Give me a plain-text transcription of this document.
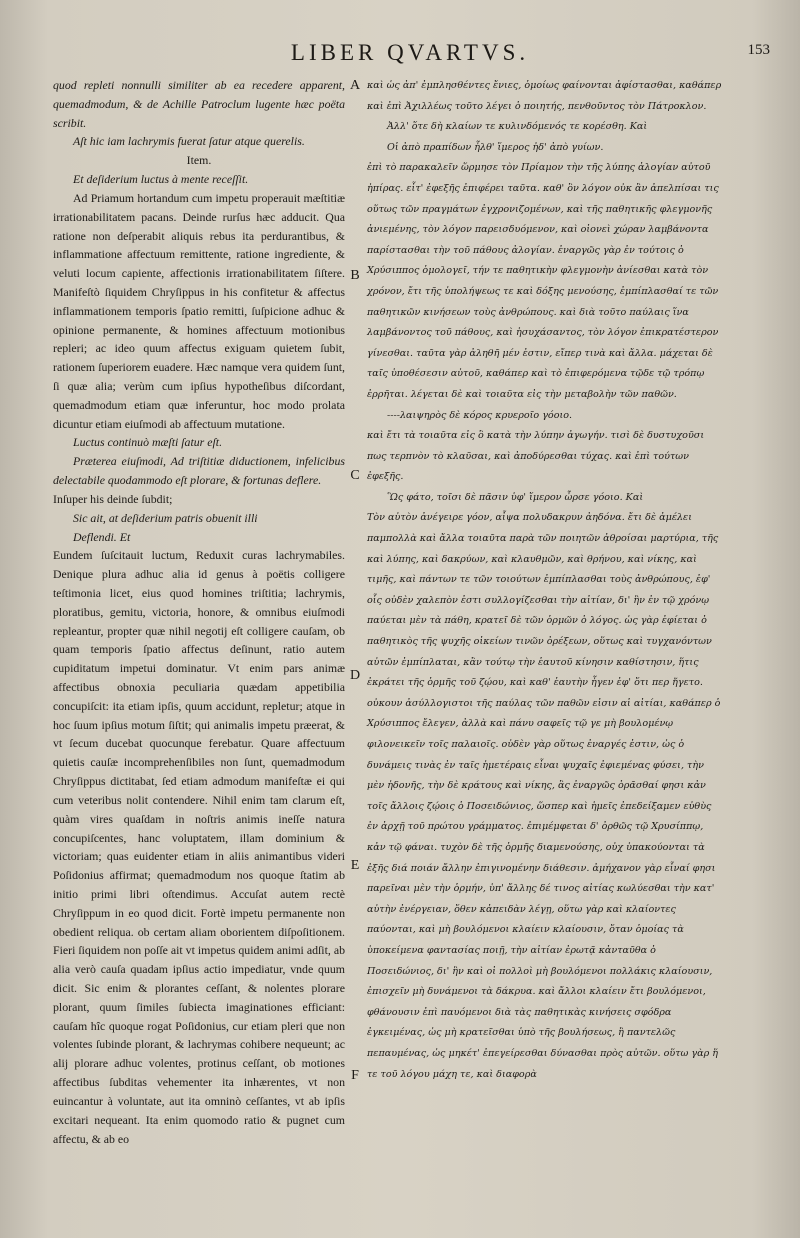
LIBER QVARTVS.	153

quod repleti nonnulli similiter ab ea recedere apparent, quemadmodum, & de Achille Patroclum lugente hæc poëta scribit.

Aſt hic iam lachrymis fuerat ſatur atque querelis.

Item.

Et deſiderium luctus à mente receſſit.

Ad Priamum hortandum cum impetu properauit mæſtitiæ irrationabilitatem pacans. Deinde rurſus hæc adducit. Qua ratione non deſperabit aliquis rebus ita perdurantibus, & inflammatione affectuum remittente, ratione ingrediente, & veluti locum capiente, affectionis irrationabilitatem ſiſtere. Manifeſtò ſiquidem Chryſippus in his confitetur & affectus inflammationem temporis ſpatio remitti, ſuſpicione adhuc & opinione permanente, & homines affectuum motionibus repleri; ac ideo quum affectus exiguam quietem ſubit, rationem ſuperiorem euadere. Hæc namque vera quidem ſunt, ſi quæ alia; verùm cum ipſius hypotheſibus diſcordant, quemadmodum etiam quæ inferuntur, hoc modo prolata dicuntur etiam eiuſmodi ab affectuum mutatione.

Luctus continuò mæſti ſatur eſt.

Præterea eiuſmodi, Ad triſtitiæ diductionem, infelicibus delectabile quodammodo eſt plorare, & fortunas deflere.

Inſuper his deinde ſubdit;

Sic ait, at deſiderium patris obuenit illi

Deflendi. Et

Eundem ſuſcitauit luctum, Reduxit curas lachrymabiles. Denique plura adhuc alia id genus à poëtis colligere teſtimonia licet, eius quod homines triſtitia; lachrymis, ploratibus, gemitu, victoria, honore, & omnibus eiuſmodi repleantur, propter quæ nihil negotij eſt colligere cauſam, ob quam temporis ſpatio affectus deſinunt, ratio autem cupiditatum impetui dominatur. Vt enim pars animæ affectibus obnoxia peculiaria quædam appetibilia concupiſcit: ita etiam ipſis, quum accidunt, repletur; atque in hoc ſuum ipſius motum ſiſtit; qui animalis impetu præerat, & vt ſecum ducebat quocunque ferebatur. Quare affectuum quietis cauſæ incomprehenſibiles non ſunt, quemadmodum Chryſippus dictitabat, ſed etiam admodum manifeſtæ ei qui cum veteribus nolit contendere. Nihil enim tam clarum eſt, quàm vires quaſdam in noſtris animis ineſſe natura concupiſcentes, hanc voluptatem, illam dominium & victoriam; quas euidenter etiam in aliis animantibus videri Poſidonius affirmat; quemadmodum nos quoque ſtatim ab initio primi libri oſtendimus. Accuſat autem rectè Chryſippum in eo quod dicit. Fortè impetu permanente non obedient reliqua. ob certam aliam oborientem diſpoſitionem. Fieri ſiquidem non poſſe ait vt impetus quidem animi adſit, ab alia verò cauſa quadam ipſius actio impediatur, vnde quum dicit. Sic enim & plorantes ceſſant, & nolentes plorare plorant, quum ſimiles ſubiecta imaginationes efficiant: cauſam hîc quoque rogat Poſidonius, cur etiam pleri que non volentes ſubinde plorant, & lachrymas cohibere nequeunt; ac alij plorare adhuc volentes, protinus ceſſant, ob motiones affectibus ſubditas vehementer ita inhærentes, vt non euincantur à voluntate, aut ita omninò ceſſantes, vt ab ipſis excitari nequeant. Ita enim quomodo ratio & pugnet cum affectu, & ab eo

A
B
C
D
E
F

καὶ ὡς ἀπ' ἐμπλησθέντες ἔνιες, ὁμοίως φαίνονται ἀφίστασθαι, καθάπερ καὶ ἐπὶ Ἀχιλλέως τοῦτο λέγει ὁ ποιητής, πενθοῦντος τὸν Πάτροκλον.

Ἀλλ' ὅτε δὴ κλαίων τε κυλινδόμενός τε κορέσθη. Καὶ

Οἱ ἀπὸ πραπίδων ἦλθ' ἵμερος ἠδ' ἀπὸ γυίων.

ἐπὶ τὸ παρακαλεῖν ὥρμησε τὸν Πρίαμον τὴν τῆς λύπης ἀλογίαν αὐτοῦ ἠπίρας. εἶτ' ἐφεξῆς ἐπιφέρει ταῦτα. καθ' ὃν λόγον οὐκ ἂν ἀπελπίσαι τις οὕτως τῶν πραγμάτων ἐγχρονιζομένων, καὶ τῆς παθητικῆς φλεγμονῆς ἀνιεμένης, τὸν λόγον παρεισδυόμενον, καὶ οἱονεὶ χώραν λαμβάνοντα παρίστασθαι τὴν τοῦ πάθους ἀλογίαν. ἐναργῶς γὰρ ἐν τούτοις ὁ Χρύσιππος ὁμολογεῖ, τήν τε παθητικὴν φλεγμονὴν ἀνίεσθαι κατὰ τὸν χρόνον, ἔτι τῆς ὑπολήψεως τε καὶ δόξης μενούσης, ἐμπίπλασθαί τε τῶν παθητικῶν κινήσεων τοὺς ἀνθρώπους. καὶ διὰ τοῦτο παύλαις ἵνα λαμβάνοντος τοῦ πάθους, καὶ ἡσυχάσαντος, τὸν λόγον ἐπικρατέστερον γίνεσθαι. ταῦτα γὰρ ἀληθῆ μέν ἐστιν, εἴπερ τινὰ καὶ ἄλλα. μάχεται δὲ ταῖς ὑποθέσεσιν αὐτοῦ, καθάπερ καὶ τὸ ἐπιφερόμενα τῷδε τῷ τρόπῳ ἐρρῆται. λέγεται δὲ καὶ τοιαῦτα εἰς τὴν μεταβολὴν τῶν παθῶν.

----λαιψηρὸς δὲ κόρος κρυεροῖο γόοιο.

καὶ ἔτι τὰ τοιαῦτα εἰς ὃ κατὰ τὴν λύπην ἀγωγήν. τισὶ δὲ δυστυχοῦσι πως τερπνὸν τὸ κλαῦσαι, καὶ ἀποδύρεσθαι τύχας. καὶ ἐπὶ τούτων ἐφεξῆς.

Ὣς φάτο, τοῖσι δὲ πᾶσιν ὑφ' ἵμερον ὦρσε γόοιο. Καὶ

Τὸν αὐτὸν ἀνέγειρε γόον, αἶψα πολυδακρυν ἀηδόνα. ἔτι δὲ ἀμέλει παμπολλὰ καὶ ἄλλα τοιαῦτα παρὰ τῶν ποιητῶν ἀθροίσαι μαρτύρια, τῆς καὶ λύπης, καὶ δακρύων, καὶ κλαυθμῶν, καὶ θρήνου, καὶ νίκης, καὶ τιμῆς, καὶ πάντων τε τῶν τοιούτων ἐμπίπλασθαι τοὺς ἀνθρώπους, ἐφ' οἷς οὐδὲν χαλεπὸν ἐστι συλλογίζεσθαι τὴν αἰτίαν, δι' ἣν ἐν τῷ χρόνῳ παύεται μὲν τὰ πάθη, κρατεῖ δὲ τῶν ὁρμῶν ὁ λόγος. ὡς γὰρ ἐφίεται ὁ παθητικὸς τῆς ψυχῆς οἰκείων τινῶν ὀρέξεων, οὕτως καὶ τυγχανόντων αὐτῶν ἐμπίπλαται, κἂν τούτῳ τὴν ἑαυτοῦ κίνησιν καθίστησιν, ἥτις ἐκράτει τῆς ὁρμῆς τοῦ ζῴου, καὶ καθ' ἑαυτὴν ἦγεν ἐφ' ὅτι περ ἤγετο. οὐκουν ἀσύλλογιστοι τῆς παύλας τῶν παθῶν εἰσιν αἱ αἰτίαι, καθάπερ ὁ Χρύσιππος ἔλεγεν, ἀλλὰ καὶ πάνυ σαφεῖς τῷ γε μὴ βουλομένῳ φιλονεικεῖν τοῖς παλαιοῖς. οὐδὲν γὰρ οὕτως ἐναργές ἐστιν, ὡς ὁ δυνάμεις τινὰς ἐν ταῖς ἡμετέραις εἶναι ψυχαῖς ἐφιεμένας φύσει, τὴν μὲν ἡδονῆς, τὴν δὲ κράτους καὶ νίκης, ἃς ἐναργῶς ὁρᾶσθαί φησι κἀν τοῖς ἄλλοις ζῴοις ὁ Ποσειδώνιος, ὥσπερ καὶ ἡμεῖς ἐπεδείξαμεν εὐθὺς ἐν ἀρχῇ τοῦ πρώτου γράμματος. ἐπιμέμφεται δ' ὀρθῶς τῷ Χρυσίππῳ, κἀν τῷ φάναι. τυχὸν δὲ τῆς ὁρμῆς διαμενούσης, οὐχ ὑπακούονται τὰ ἐξῆς διά ποιάν ἄλλην ἐπιγινομένην διάθεσιν. ἀμήχανον γὰρ εἶναί φησι παρεῖναι μὲν τὴν ὁρμήν, ὑπ' ἄλλης δέ τινος αἰτίας κωλύεσθαι τὴν κατ' αὐτὴν ἐνέργειαν, ὅθεν κἀπειδὰν λέγῃ, οὕτω γὰρ καὶ κλαίοντες παύονται, καὶ μὴ βουλόμενοι κλαίειν κλαίουσιν, ὅταν ὁμοίας τὰ ὑποκείμενα φαντασίας ποιῇ, τὴν αἰτίαν ἐρωτᾷ κἀνταῦθα ὁ Ποσειδώνιος, δι' ἣν καὶ οἱ πολλοὶ μὴ βουλόμενοι πολλάκις κλαίουσιν, ἐπισχεῖν μὴ δυνάμενοι τὰ δάκρυα. καὶ ἄλλοι κλαίειν ἔτι βουλόμενοι, φθάνουσιν ἐπὶ παυόμενοι διὰ τὰς παθητικὰς κινήσεις σφόδρα ἐγκειμένας, ὡς μὴ κρατεῖσθαι ὑπὸ τῆς βουλήσεως, ἢ παντελῶς πεπαυμένας, ὡς μηκέτ' ἐπεγείρεσθαι δύνασθαι πρὸς αὐτῶν. οὕτω γὰρ ἥ τε τοῦ λόγου μάχη τε, καὶ διαφορὰ
